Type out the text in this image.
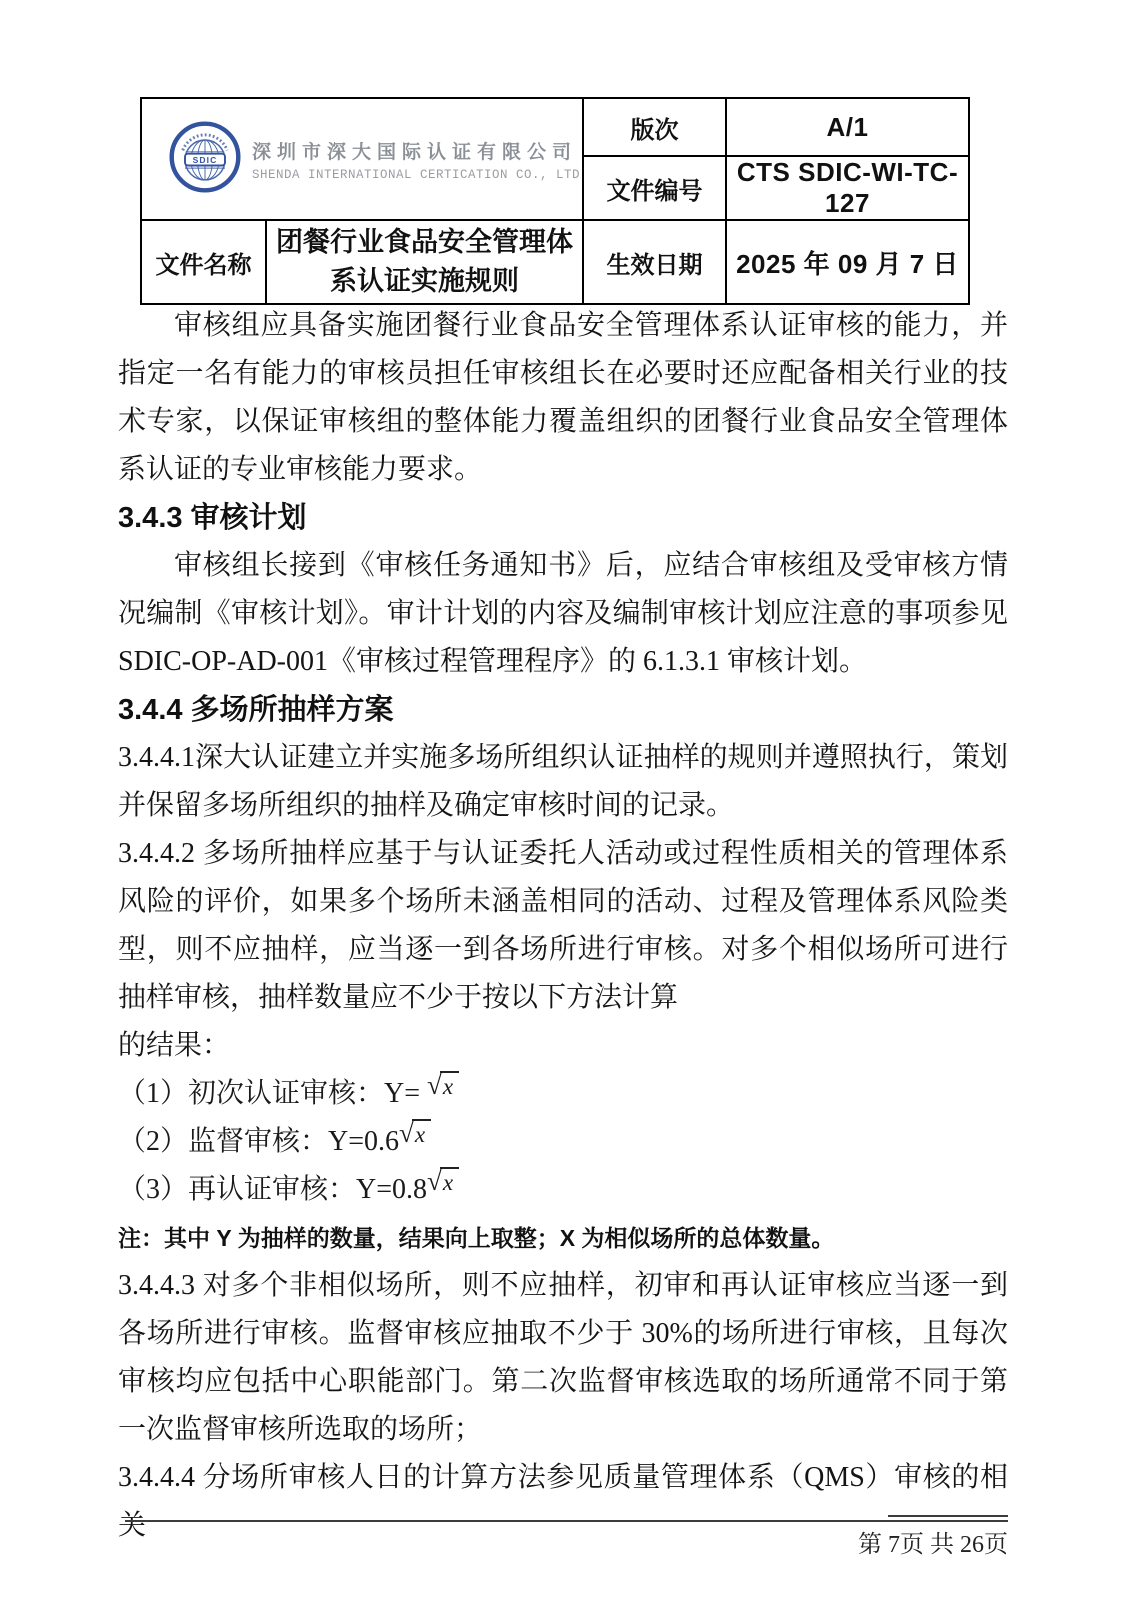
SDIC 深圳市深大国际认证有限公司
SHENDA INTERNATIONAL CERTICATION CO., LTD		版次	A/1
		文件编号	CTS SDIC-WI-TC-127
文件名称	团餐行业食品安全管理体系认证实施规则	生效日期	2025 年 09 月 7 日

审核组应具备实施团餐行业食品安全管理体系认证审核的能力，并指定一名有能力的审核员担任审核组长在必要时还应配备相关行业的技术专家，以保证审核组的整体能力覆盖组织的团餐行业食品安全管理体系认证的专业审核能力要求。

3.4.3 审核计划

审核组长接到《审核任务通知书》后，应结合审核组及受审核方情况编制《审核计划》。审计计划的内容及编制审核计划应注意的事项参见 SDIC-OP-AD-001《审核过程管理程序》的 6.1.3.1 审核计划。

3.4.4 多场所抽样方案

3.4.4.1深大认证建立并实施多场所组织认证抽样的规则并遵照执行，策划并保留多场所组织的抽样及确定审核时间的记录。

3.4.4.2 多场所抽样应基于与认证委托人活动或过程性质相关的管理体系风险的评价，如果多个场所未涵盖相同的活动、过程及管理体系风险类型，则不应抽样，应当逐一到各场所进行审核。对多个相似场所可进行抽样审核，抽样数量应不少于按以下方法计算

的结果：

（1）初次认证审核：Y= √x

（2）监督审核：Y=0.6√x

（3）再认证审核：Y=0.8√x

注：其中 Y 为抽样的数量，结果向上取整；X 为相似场所的总体数量。

3.4.4.3 对多个非相似场所，则不应抽样，初审和再认证审核应当逐一到各场所进行审核。监督审核应抽取不少于 30%的场所进行审核，且每次审核均应包括中心职能部门。第二次监督审核选取的场所通常不同于第一次监督审核所选取的场所；

3.4.4.4 分场所审核人日的计算方法参见质量管理体系（QMS）审核的相关

第 7页 共 26页
